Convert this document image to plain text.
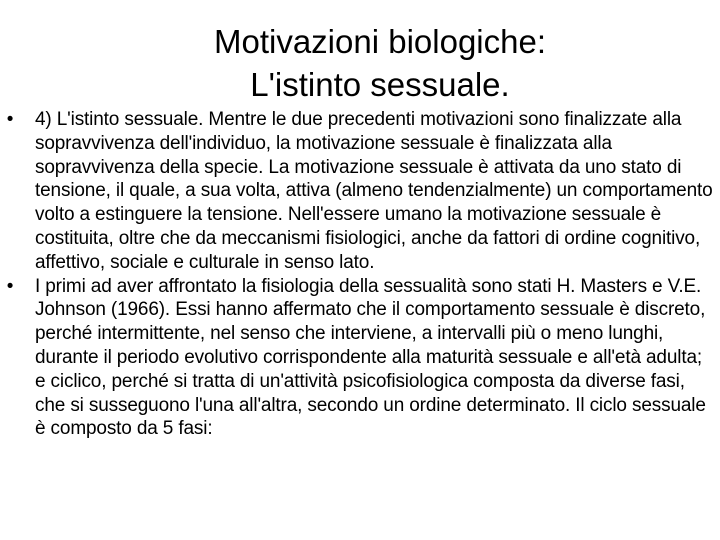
Motivazioni biologiche:
L'istinto sessuale.
• 4) L'istinto sessuale. Mentre le due precedenti motivazioni sono finalizzate alla sopravvivenza dell'individuo, la motivazione sessuale è finalizzata alla sopravvivenza della specie. La motivazione sessuale è attivata da uno stato di tensione, il quale, a sua volta, attiva (almeno tendenzialmente) un comportamento volto a estinguere la tensione. Nell'essere umano la motivazione sessuale è costituita, oltre che da meccanismi fisiologici, anche da fattori di ordine cognitivo, affettivo, sociale e culturale in senso lato.
• I primi ad aver affrontato la fisiologia della sessualità sono stati H. Masters e V.E. Johnson (1966). Essi hanno affermato che il comportamento sessuale è discreto, perché intermittente, nel senso che interviene, a intervalli più o meno lunghi, durante il periodo evolutivo corrispondente alla maturità sessuale e all'età adulta; e ciclico, perché si tratta di un'attività psicofisiologica composta da diverse fasi, che si susseguono l'una all'altra, secondo un ordine determinato. Il ciclo sessuale è composto da 5 fasi:
